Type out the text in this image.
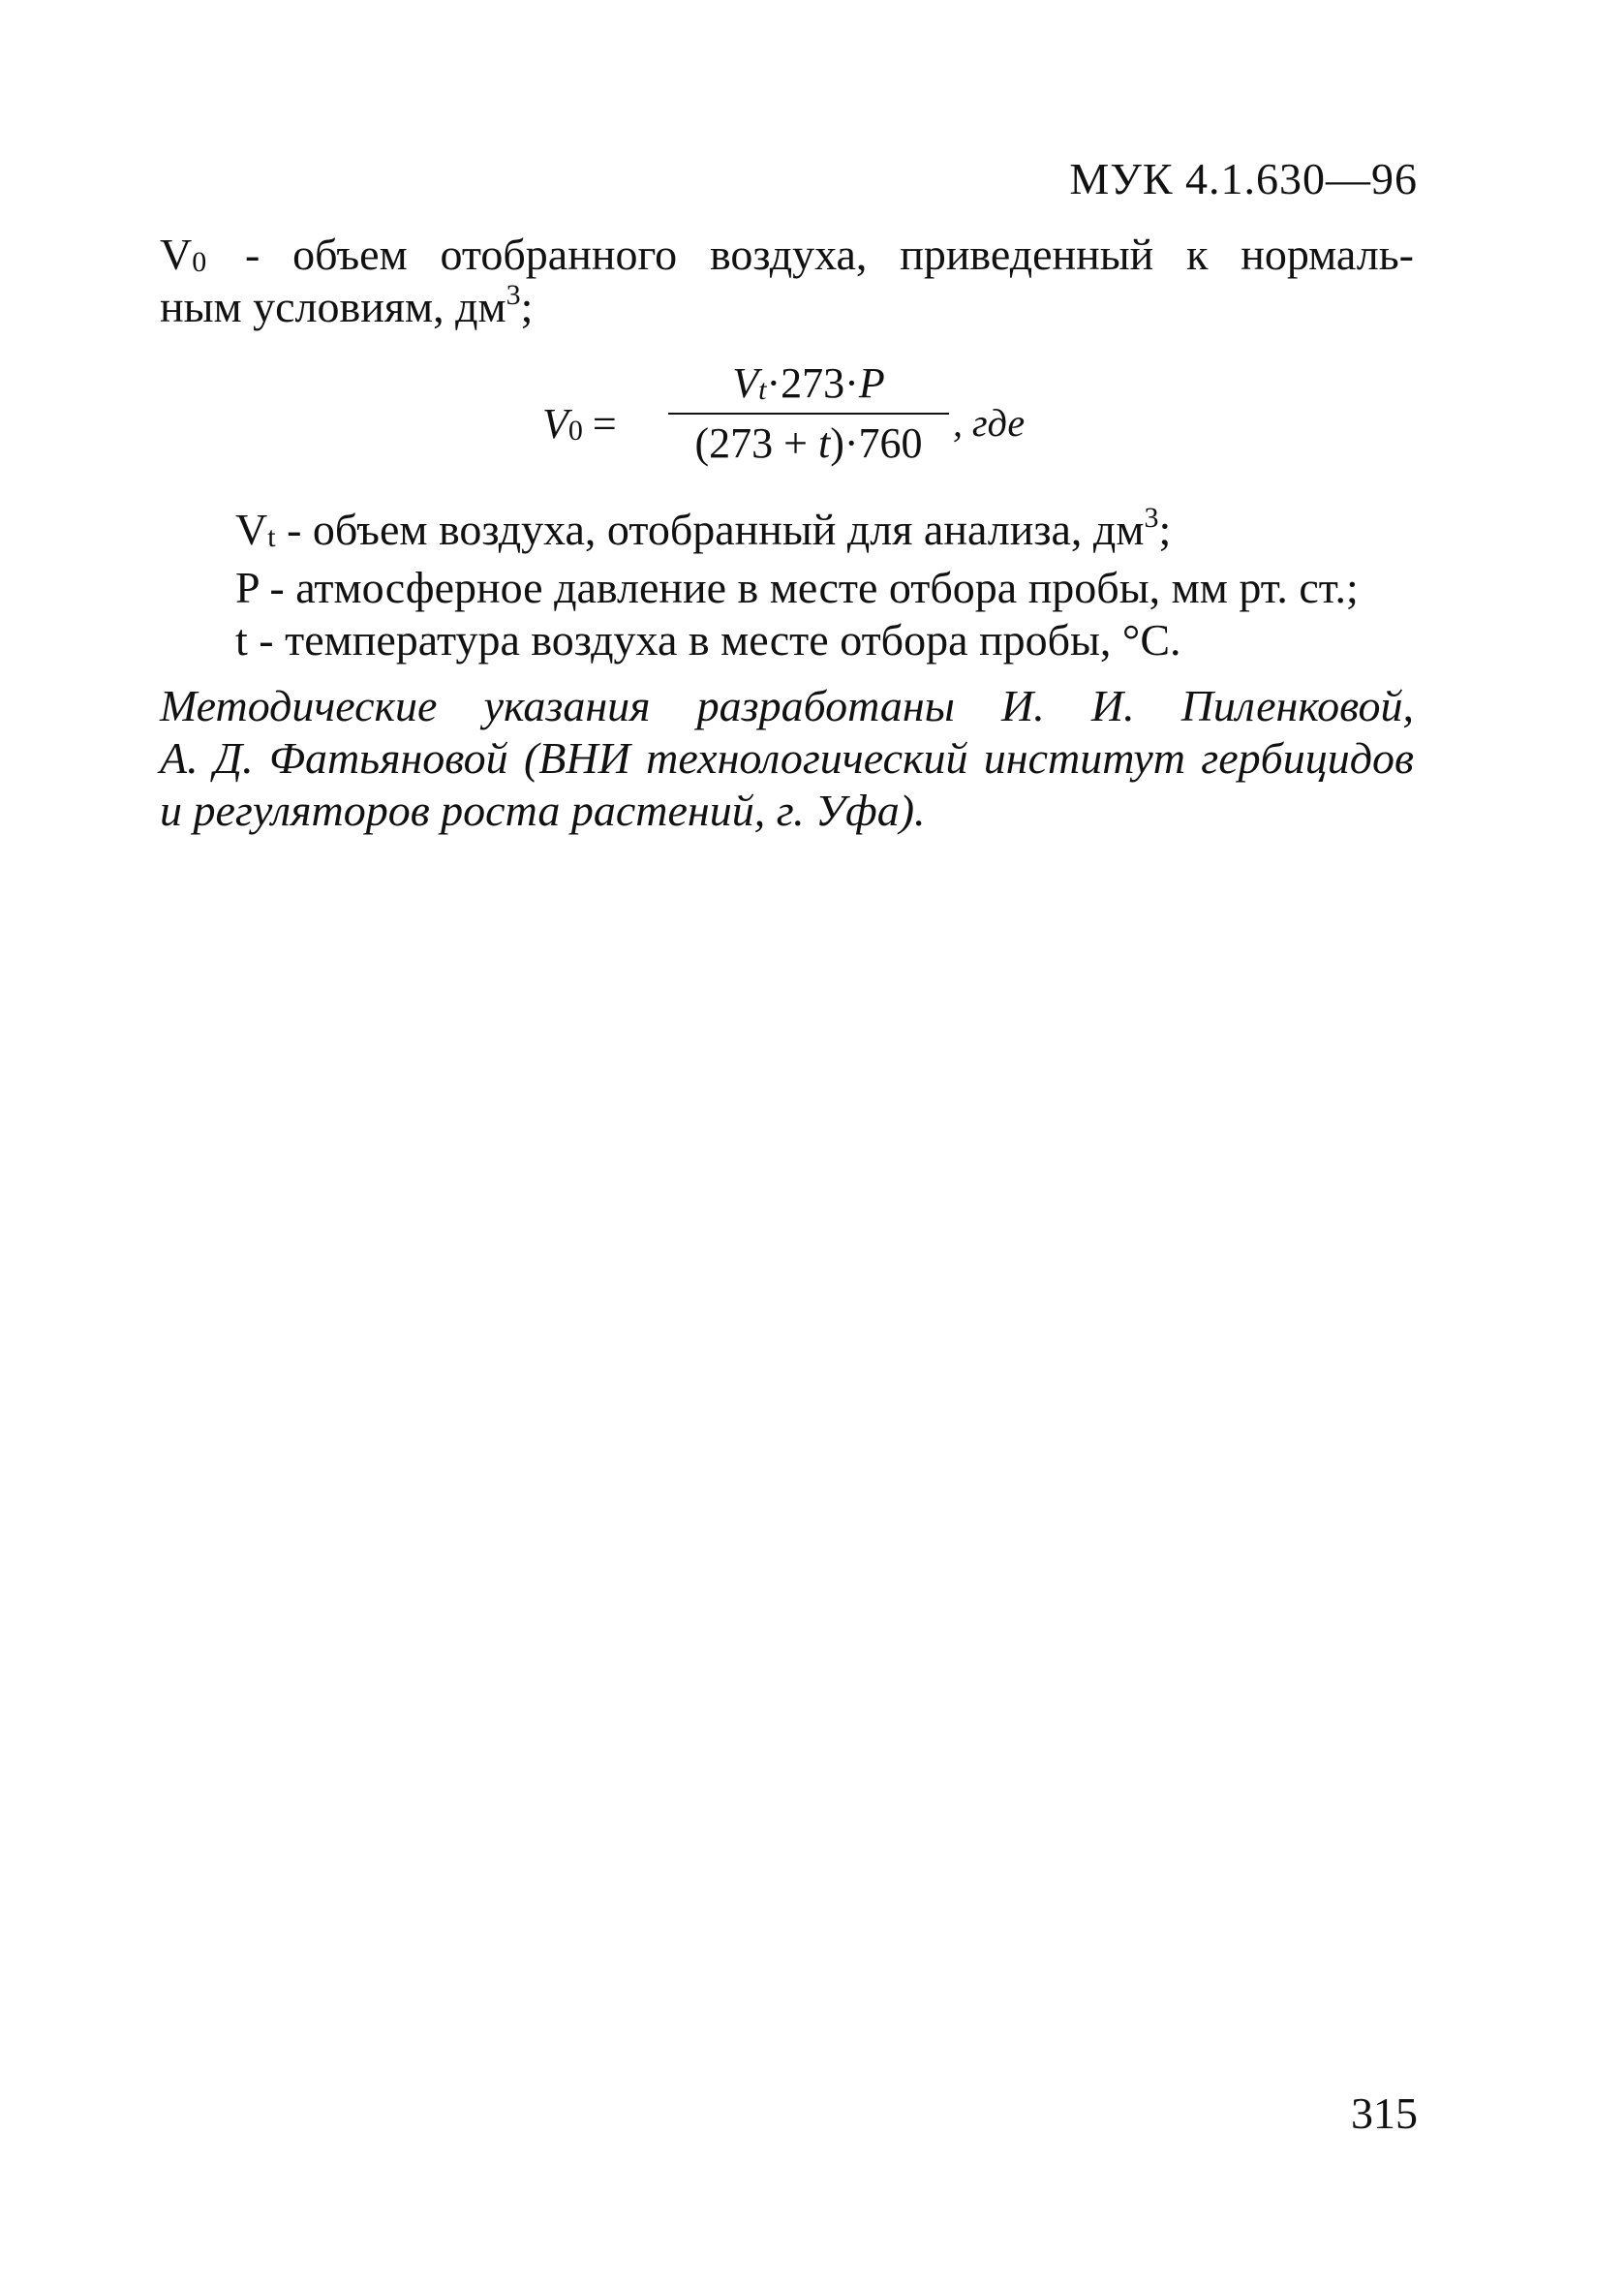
МУК 4.1.630—96
$V_0$ - объем отобранного воздуха, приведенный к нормаль-
ным условиям, $дм^3$;
$V_0$ =
$V_t\cdot 273\cdot P$
(273 + t)·760 , где
$V_t$ - объем воздуха, отобранный для анализа, $дм^3$;
P - атмосферное давление в месте отбора пробы, мм рт. ст.;
t - температура воздуха в месте отбора пробы, °С.
Методические указания разработаны И. И. Пиленковой,
А. Д. Фатьяновой (ВНИ технологический институт гербицидов
и регуляторов роста растений, г. Уфа).
315
